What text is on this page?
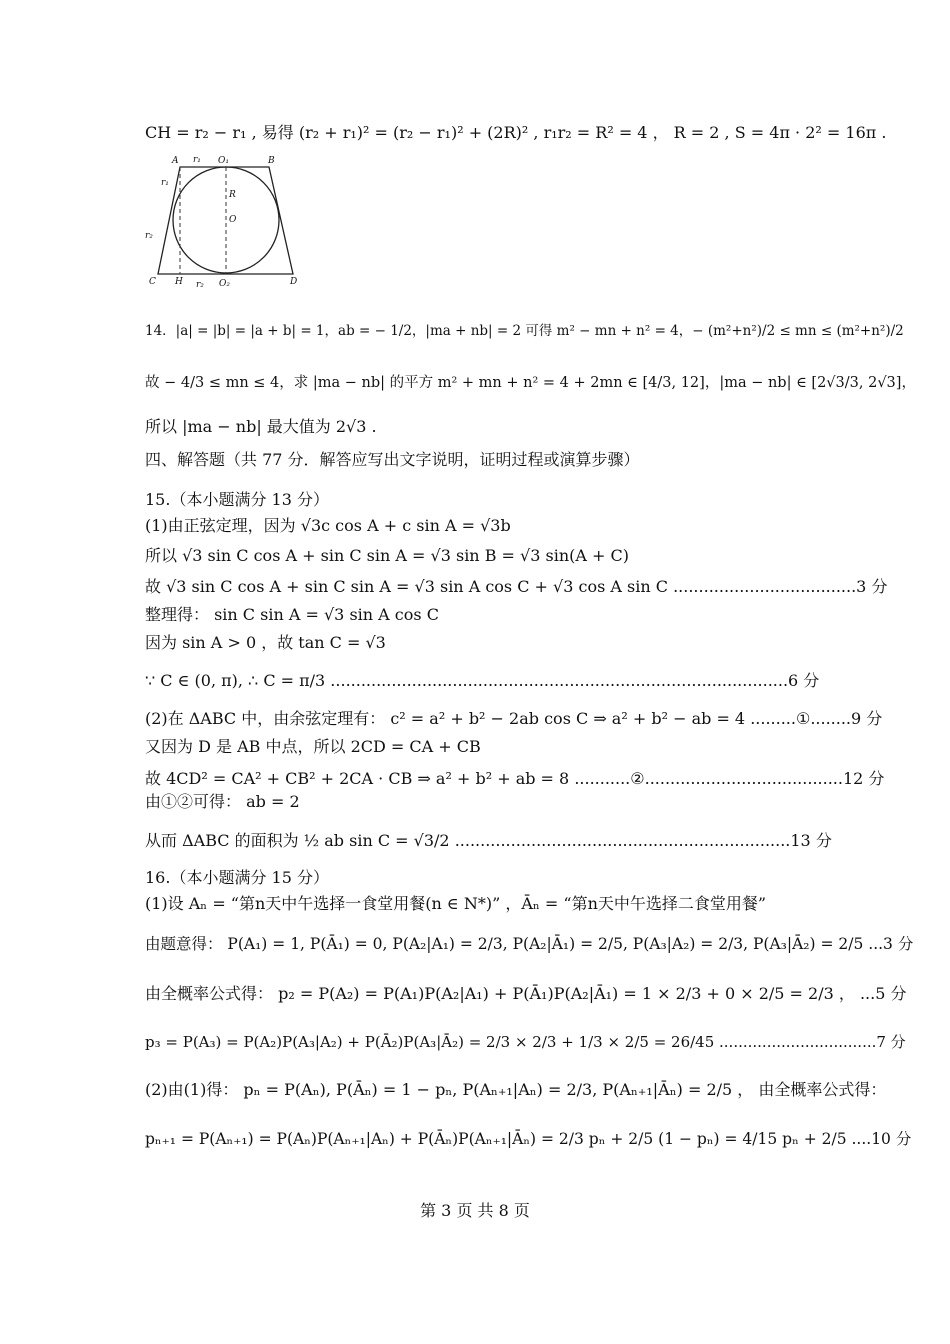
CH = r₂ − r₁ , 易得 (r₂ + r₁)² = (r₂ − r₁)² + (2R)² , r₁r₂ = R² = 4 ， R = 2 , S = 4π · 2² = 16π .
A r₁ O₁	B
r₁
R
O
r₂
C H r₂ O₂	D
14．|a| = |b| = |a + b| = 1，ab = − 1/2，|ma + nb| = 2 可得 m² − mn + n² = 4，− (m²+n²)/2 ≤ mn ≤ (m²+n²)/2
故 − 4/3 ≤ mn ≤ 4，求 |ma − nb| 的平方 m² + mn + n² = 4 + 2mn ∈ [4/3, 12]，|ma − nb| ∈ [2√3/3, 2√3]，
所以 |ma − nb| 最大值为 2√3 .
四、解答题（共 77 分．解答应写出文字说明，证明过程或演算步骤）
15.（本小题满分 13 分）
(1)由正弦定理，因为 √3c cos A + c sin A = √3b
所以 √3 sin C cos A + sin C sin A = √3 sin B = √3 sin(A + C)
故 √3 sin C cos A + sin C sin A = √3 sin A cos C + √3 cos A sin C ....................................3 分
整理得： sin C sin A = √3 sin A cos C
因为 sin A > 0 ，故 tan C = √3
∵ C ∈ (0, π), ∴ C = π/3 ..........................................................................................6 分
(2)在 ΔABC 中，由余弦定理有： c² = a² + b² − 2ab cos C ⇒ a² + b² − ab = 4 .........①........9 分
又因为 D 是 AB 中点，所以 2CD = CA + CB
故 4CD² = CA² + CB² + 2CA · CB ⇒ a² + b² + ab = 8 ...........②.......................................12 分
由①②可得： ab = 2
从而 ΔABC 的面积为 ½ ab sin C = √3/2 ..................................................................13 分
16.（本小题满分 15 分）
(1)设 Aₙ = “第n天中午选择一食堂用餐(n ∈ N*)” ，Āₙ = “第n天中午选择二食堂用餐”
由题意得： P(A₁) = 1, P(Ā₁) = 0, P(A₂|A₁) = 2/3, P(A₂|Ā₁) = 2/5, P(A₃|A₂) = 2/3, P(A₃|Ā₂) = 2/5 ...3 分
由全概率公式得： p₂ = P(A₂) = P(A₁)P(A₂|A₁) + P(Ā₁)P(A₂|Ā₁) = 1 × 2/3 + 0 × 2/5 = 2/3 ， ...5 分
p₃ = P(A₃) = P(A₂)P(A₃|A₂) + P(Ā₂)P(A₃|Ā₂) = 2/3 × 2/3 + 1/3 × 2/5 = 26/45 .................................7 分
(2)由(1)得： pₙ = P(Aₙ), P(Āₙ) = 1 − pₙ, P(Aₙ₊₁|Aₙ) = 2/3, P(Aₙ₊₁|Āₙ) = 2/5 ， 由全概率公式得：
pₙ₊₁ = P(Aₙ₊₁) = P(Aₙ)P(Aₙ₊₁|Aₙ) + P(Āₙ)P(Aₙ₊₁|Āₙ) = 2/3 pₙ + 2/5 (1 − pₙ) = 4/15 pₙ + 2/5 ....10 分
第 3 页 共 8 页
